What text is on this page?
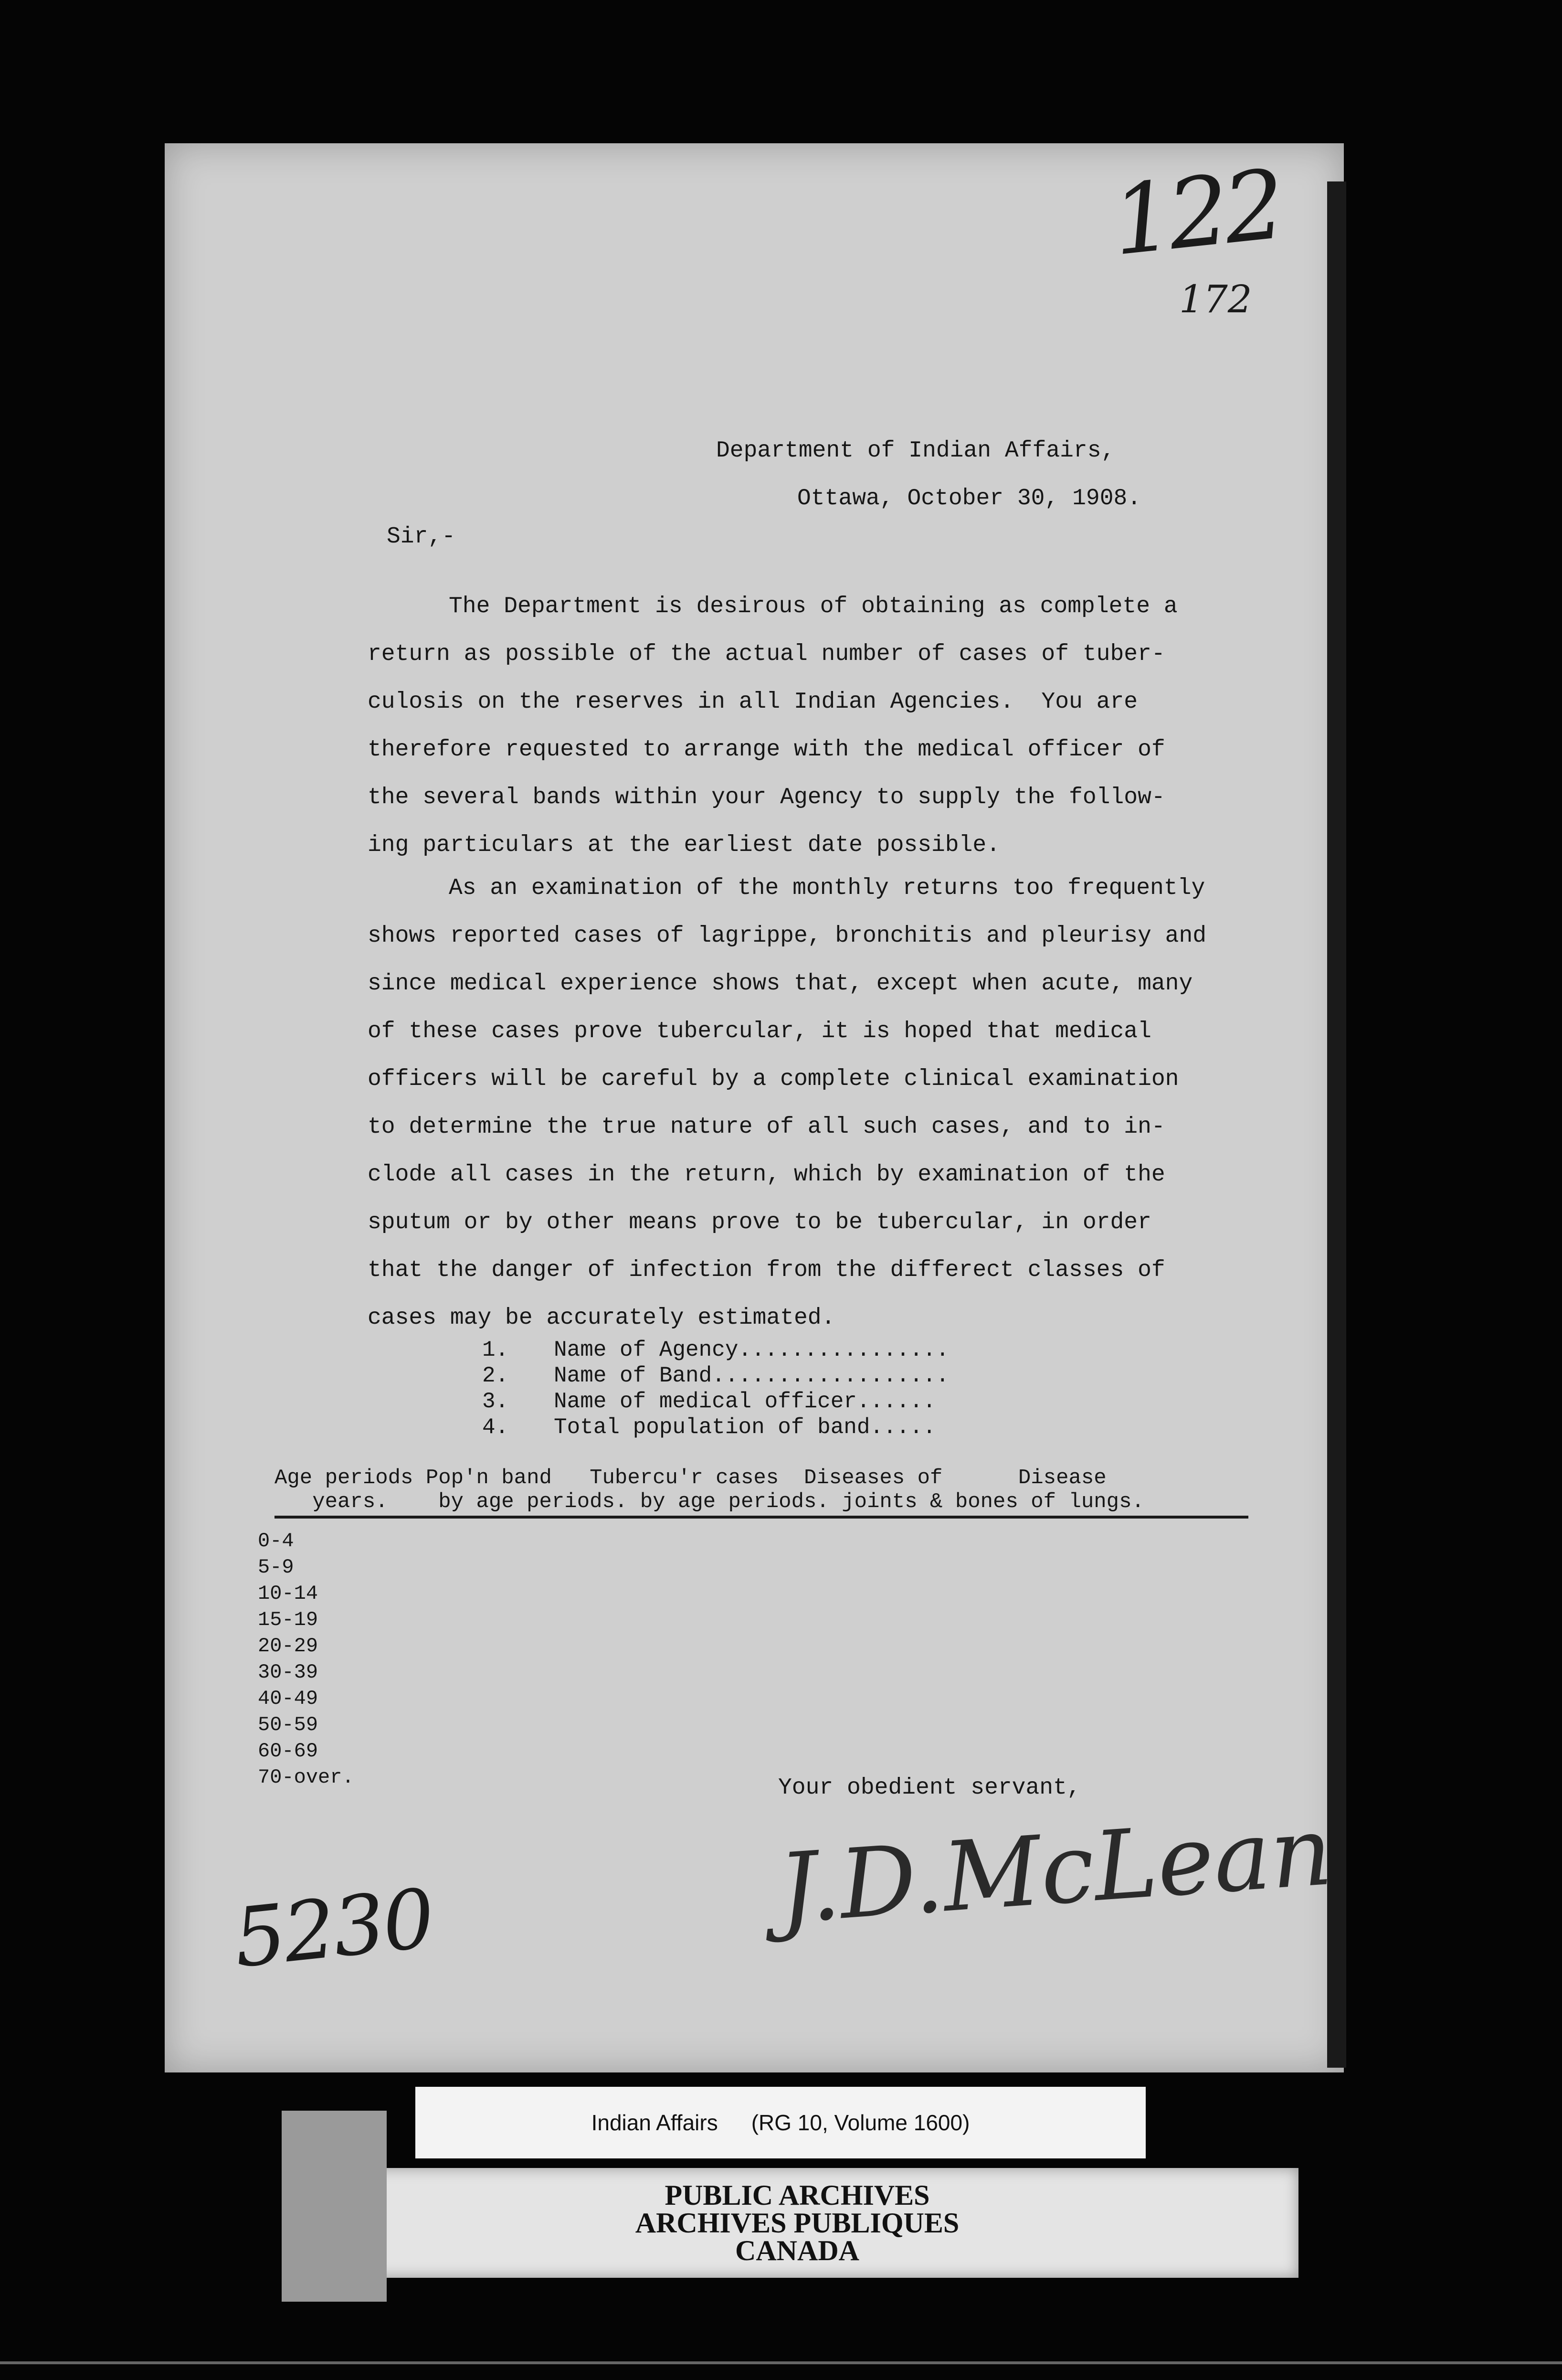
122
172
Department of Indian Affairs,
Ottawa, October 30, 1908.
Sir,-
The Department is desirous of obtaining as complete a
return as possible of the actual number of cases of tuber-
culosis on the reserves in all Indian Agencies.  You are
therefore requested to arrange with the medical officer of
the several bands within your Agency to supply the follow-
ing particulars at the earliest date possible.
As an examination of the monthly returns too frequently
shows reported cases of lagrippe, bronchitis and pleurisy and
since medical experience shows that, except when acute, many
of these cases prove tubercular, it is hoped that medical
officers will be careful by a complete clinical examination
to determine the true nature of all such cases, and to in-
clode all cases in the return, which by examination of the
sputum or by other means prove to be tubercular, in order
that the danger of infection from the differect classes of
cases may be accurately estimated.
1.	Name of Agency................
2.	Name of Band..................
3.	Name of medical officer......
4.	Total population of band.....
Age periods Pop'n band   Tubercu'r cases  Diseases of      Disease
years.    by age periods. by age periods. joints & bones of lungs.
0-4
5-9
10-14
15-19
20-29
30-39
40-49
50-59
60-69
70-over.	Your obedient servant,
5230	J.D.McLean
Indian Affairs (RG 10, Volume 1600)
PUBLIC ARCHIVES
ARCHIVES PUBLIQUES
CANADA
